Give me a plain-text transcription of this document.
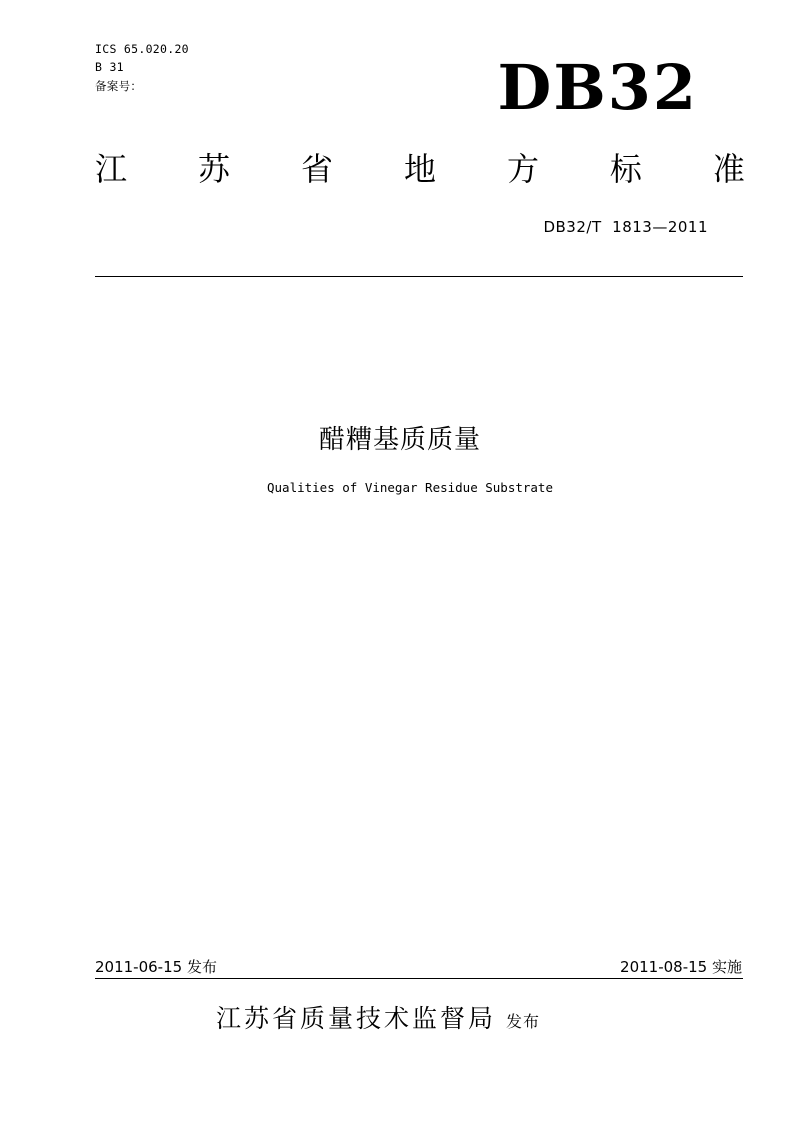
ICS 65.020.20
B 31
备案号：	DB32
江 苏 省 地 方 标 准
DB32/T  1813—2011
醋糟基质质量
Qualities of Vinegar Residue Substrate
2011-06-15 发布	2011-08-15 实施
江苏省质量技术监督局 发布
